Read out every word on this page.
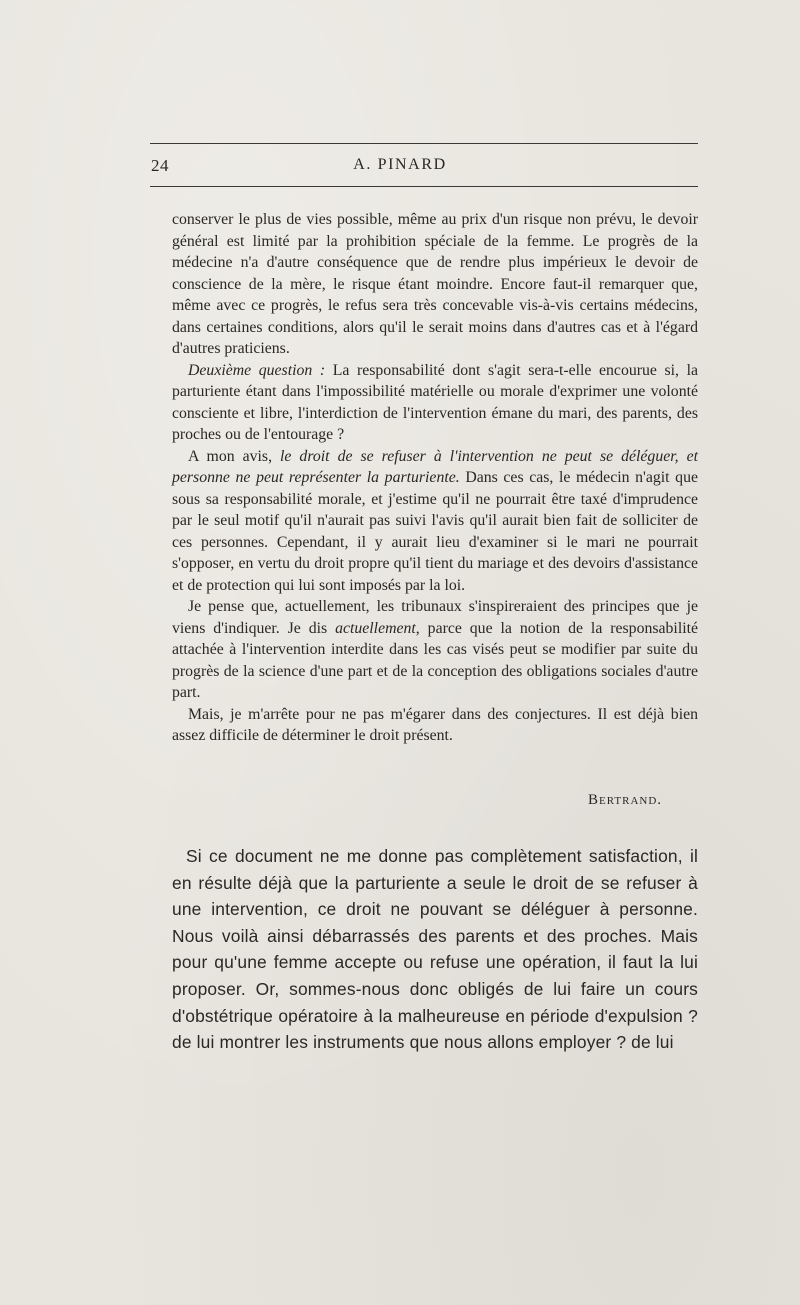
24	A. PINARD

conserver le plus de vies possible, même au prix d'un risque non prévu, le devoir général est limité par la prohibition spéciale de la femme. Le progrès de la médecine n'a d'autre conséquence que de rendre plus impérieux le devoir de conscience de la mère, le risque étant moindre. Encore faut-il remarquer que, même avec ce progrès, le refus sera très concevable vis-à-vis certains médecins, dans certaines conditions, alors qu'il le serait moins dans d'autres cas et à l'égard d'autres praticiens.

Deuxième question : La responsabilité dont s'agit sera-t-elle encourue si, la parturiente étant dans l'impossibilité matérielle ou morale d'exprimer une volonté consciente et libre, l'interdiction de l'intervention émane du mari, des parents, des proches ou de l'entourage ?

A mon avis, le droit de se refuser à l'intervention ne peut se déléguer, et personne ne peut représenter la parturiente. Dans ces cas, le médecin n'agit que sous sa responsabilité morale, et j'estime qu'il ne pourrait être taxé d'imprudence par le seul motif qu'il n'aurait pas suivi l'avis qu'il aurait bien fait de solliciter de ces personnes. Cependant, il y aurait lieu d'examiner si le mari ne pourrait s'opposer, en vertu du droit propre qu'il tient du mariage et des devoirs d'assistance et de protection qui lui sont imposés par la loi.

Je pense que, actuellement, les tribunaux s'inspireraient des principes que je viens d'indiquer. Je dis actuellement, parce que la notion de la responsabilité attachée à l'intervention interdite dans les cas visés peut se modifier par suite du progrès de la science d'une part et de la conception des obligations sociales d'autre part.

Mais, je m'arrête pour ne pas m'égarer dans des conjectures. Il est déjà bien assez difficile de déterminer le droit présent.

Bertrand.

Si ce document ne me donne pas complètement satisfaction, il en résulte déjà que la parturiente a seule le droit de se refuser à une intervention, ce droit ne pouvant se déléguer à personne. Nous voilà ainsi débarrassés des parents et des proches. Mais pour qu'une femme accepte ou refuse une opération, il faut la lui proposer. Or, sommes-nous donc obligés de lui faire un cours d'obstétrique opératoire à la malheureuse en période d'expulsion ? de lui montrer les instruments que nous allons employer ? de lui
